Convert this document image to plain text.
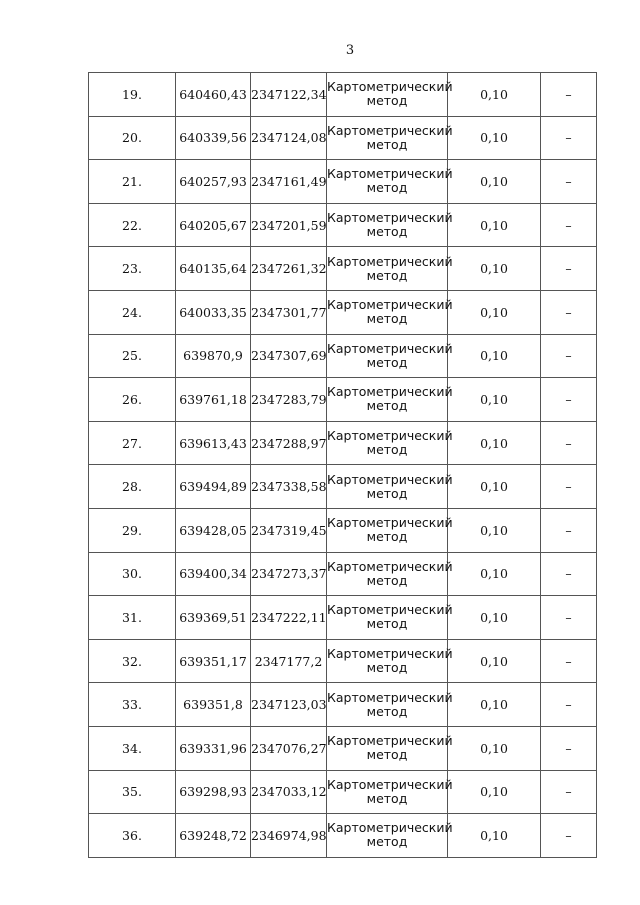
3
19.	640460,43	2347122,34	Картометрический
метод	0,10	–
20.	640339,56	2347124,08	Картометрический
метод	0,10	–
21.	640257,93	2347161,49	Картометрический
метод	0,10	–
22.	640205,67	2347201,59	Картометрический
метод	0,10	–
23.	640135,64	2347261,32	Картометрический
метод	0,10	–
24.	640033,35	2347301,77	Картометрический
метод	0,10	–
25.	639870,9	2347307,69	Картометрический
метод	0,10	–
26.	639761,18	2347283,79	Картометрический
метод	0,10	–
27.	639613,43	2347288,97	Картометрический
метод	0,10	–
28.	639494,89	2347338,58	Картометрический
метод	0,10	–
29.	639428,05	2347319,45	Картометрический
метод	0,10	–
30.	639400,34	2347273,37	Картометрический
метод	0,10	–
31.	639369,51	2347222,11	Картометрический
метод	0,10	–
32.	639351,17	2347177,2	Картометрический
метод	0,10	–
33.	639351,8	2347123,03	Картометрический
метод	0,10	–
34.	639331,96	2347076,27	Картометрический
метод	0,10	–
35.	639298,93	2347033,12	Картометрический
метод	0,10	–
36.	639248,72	2346974,98	Картометрический
метод	0,10	–
